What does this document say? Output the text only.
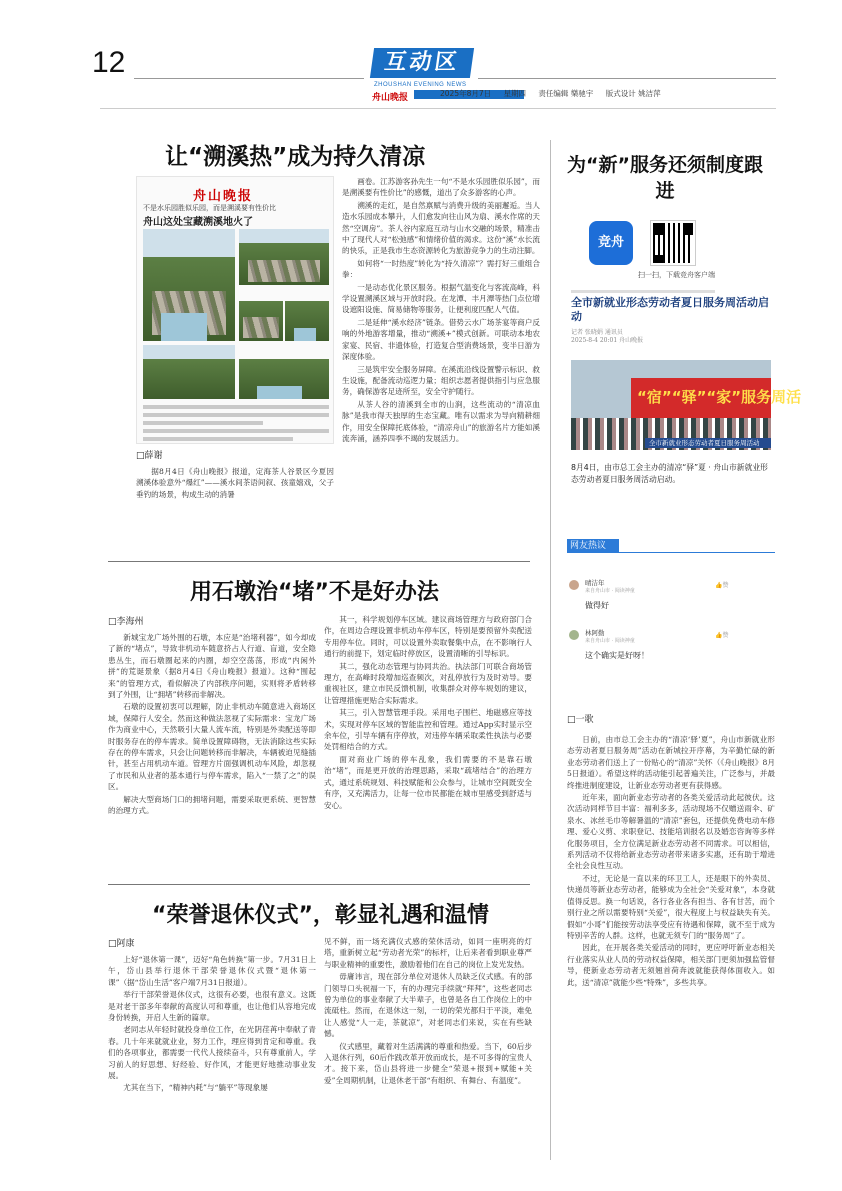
12	互动区
ZHOUSHAN EVENING NEWS
舟山晚报	2025年8月7日 星期四 责任编辑 樂驰宇 版式设计 姚洁萍
让“溯溪热”成为持久清凉
舟山晚报
不是水乐园胜似乐园，而是溯溪要有性价比
舟山这处宝藏溯溪地火了
□薛谢

据8月4日《舟山晚报》报道，定海茶人谷景区今夏因溯溪体验意外“爆红”——溪水间茶语间叙、孩童嬉戏，父子垂钓的场景，构成生动的消暑

画卷。江苏游客孙先生一句“不是水乐园胜似乐园”，而是溯溪要有性价比”的感慨，道出了众多游客的心声。

溯溪的走红，是自然禀赋与消费升级的美丽邂逅。当人造水乐园成本攀升，人们愈发向往山风为扇、溪水作席的天然“空调房”。茶人谷内家庭互动与山水交融的场景，精准击中了现代人对“松弛感”和情绪价值的渴求。这份“溪”水长流的快乐，正是我市生态资源转化为旅游竞争力的生动注脚。

如何将“一时热度”转化为“持久清凉”？需打好三重组合拳：

一是动态优化景区服务。根据气温变化与客流高峰，科学设置溯溪区域与开放时段。在龙潭、丰月潭等热门点位增设遮阳设施、简易储物等服务，让便利度匹配人气值。

二是延伸“溪水经济”链条。借势云水广场茶宴等商户反响的外地游客增量，推动“溯溪+”模式创新。可联动本地农家宴、民宿、非遗体验，打造复合型消费场景，变半日游为深度体验。

三是筑牢安全服务屏障。在溪流沿线设置警示标识、救生设施，配备流动巡逻力量；组织志愿者提供指引与应急服务，确保游客足迹所至，安全守护随行。

从茶人谷的清溪到全市的山涧，这些流动的“清凉血脉”是我市得天独厚的生态宝藏。唯有以需求为导向精耕细作，用安全保障托底体验，“清凉舟山”的旅游名片方能如溪流奔涌，涵养四季不竭的发展活力。

用石墩治“堵”不是好办法
□李海州

新城宝龙广场外围的石墩，本应是“治堵利器”，如今却成了新的“堵点”，导致非机动车随意挤占人行道、盲道，安全隐患丛生，而石墩圈起来的内圈，却空空荡荡，形成“内闲外拼”的荒诞景象（据8月4日《舟山晚报》报道）。这种“围起来”的管理方式，看似解决了内部秩序问题，实则将矛盾转移到了外围，让“拥堵”转移而非解决。

石墩的设置初衷可以理解，防止非机动车随意进入商场区域，保障行人安全。然而这种做法忽视了实际需求：宝龙广场作为商业中心，天然吸引大量人流车流，特别是外卖配送等即时服务存在的停车需求。简单设置障碍物，无法消除这些实际存在的停车需求，只会让问题转移而非解决，车辆被迫见缝插针，甚至占用机动车道。管理方片面强调机动车风险，却忽视了市民和从业者的基本通行与停车需求，陷入“一禁了之”的误区。

解决大型商场门口的拥堵问题，需要采取更系统、更智慧的治理方式。

其一，科学规划停车区域。建议商场管理方与政府部门合作，在周边合理设置非机动车停车区，特别是要预留外卖配送专用停车位。同时，可以设置外卖取餐集中点，在不影响行人通行的前提下，划定临时停放区，设置清晰的引导标识。

其二，强化动态管理与协同共治。执法部门可联合商场管理方，在高峰时段增加巡查频次，对乱停放行为及时劝导。要重视社区，建立市民反馈机制，收集群众对停车规划的建议，让管理措施更贴合实际需求。

其三，引入智慧管理手段。采用电子围栏、地磁感应等技术，实现对停车区域的智能监控和管理。通过App实时显示空余车位，引导车辆有序停放，对违停车辆采取柔性执法与必要处罚相结合的方式。

面对商业广场的停车乱象，我们需要的不是靠石墩治“堵”，而是更开放的治理思路，采取“疏堵结合”的治理方式，通过系统规划、科技赋能和公众参与，让城市空间既安全有序，又充满活力，让每一位市民都能在城市里感受到舒适与安心。

“荣誉退休仪式”，彰显礼遇和温情
□阿康

上好“退休第一课”，迈好“角色转换”第一步。7月31日上午，岱山县举行退休干部荣誉退休仪式暨“退休第一课”（据“岱山生活”客户端7月31日报道）。

举行干部荣誉退休仪式，这很有必要，也很有意义。这既是对老干部多年奉献的高度认可和尊重，也让他们从容地完成身份转换，开启人生新的篇章。

老同志从年轻时就投身单位工作，在光阴荏苒中奉献了青春。几十年来就就业业，努力工作，理应得到肯定和尊重。我们的各项事业，都需要一代代人接续奋斗，只有尊重前人，学习前人的好思想、好经验、好作风，才能更好地推动事业发展。

尤其在当下，“精神内耗”与“躺平”等现象屡

见不鲜，而一场充满仪式感的荣休活动，如同一座明亮的灯塔，重新树立起“劳动者光荣”的标杆，让后来者看到职业尊严与职业精神的重要性，激励着他们在自己的岗位上发光发热。

毋庸讳言，现在部分单位对退休人员缺乏仪式感。有的部门领导口头祝福一下，有的办理完手续就“拜拜”，这些老同志曾为单位的事业奉献了大半辈子，也曾是各自工作岗位上的中流砥柱。然而，在退休这一刻，一切的荣光都归于平淡，难免让人感觉“人一走，茶就凉”，对老同志们来说，实在有些缺憾。

仪式感里，藏着对生活满满的尊重和热爱。当下，60后步入退休行列，60后作践改革开放而成长，是不可多得的宝贵人才。接下来，岱山县将进一步健全“荣退+报到+赋能+关爱”全周期机制，让退休老干部“有组织、有舞台、有温度”。

为“新”服务还须制度跟进
竞舟
扫一扫，下载竞舟客户端
全市新就业形态劳动者夏日服务周活动启动
记者 张晓娟 通讯员
2025-8-4 20:01 舟山晚报
“宿”“驿”“家”服务周活
全市新就业形态劳动者夏日服务周活动
8月4日，由市总工会主办的清凉“驿”夏 · 舟山市新就业形态劳动者夏日服务周活动启动。
网友热议
晴洁年
来自舟山市 · 阅读神童
👍赞
做得好
林阿勤
来自舟山市 · 阅读神童
👍赞
这个确实是好呀！
□一歌

日前，由市总工会主办的“清凉‘驿’夏”，舟山市新就业形态劳动者夏日服务周”活动在新城拉开序幕，为辛勤忙碌的新业态劳动者们送上了一份贴心的“清凉”关怀（《舟山晚报》8月5日报道）。希望这样的活动能引起普遍关注，广泛参与，并最终推进制度建设，让新业态劳动者更有获得感。

近年来，面向新业态劳动者的各类关爱活动此起彼伏。这次活动同样节目丰富：福利多多，活动现场不仅赠送雨伞、矿泉水、冰丝毛巾等解暑温的“清凉”套包，还提供免费电动车修理、爱心义剪、求职登记、技能培训报名以及婚恋咨询等多样化服务项目，全方位满足新业态劳动者不同需求。可以相信，系列活动不仅将给新业态劳动者带来诸多实惠，还有助于增进全社会良性互动。

不过，无论是一直以来的环卫工人，还是眼下的外卖员、快递员等新业态劳动者，能够成为全社会“关爱对象”，本身就值得反思。换一句话说，各行各业各有担当、各有甘苦，而个别行业之所以需要特别“关爱”，很大程度上与权益缺失有关。假如“小哥”们能按劳动法享受应有待遇和保障，就不至于成为特别辛苦的人群。这样，也就无须专门的“服务周”了。

因此，在开展各类关爱活动的同时，更应呼吁新业态相关行业落实从业人员的劳动权益保障，相关部门更须加强监管督导，使新业态劳动者无须翘首荷奔波就能获得体面收入。如此，送“清凉”就能少些“特殊”，多些共享。
